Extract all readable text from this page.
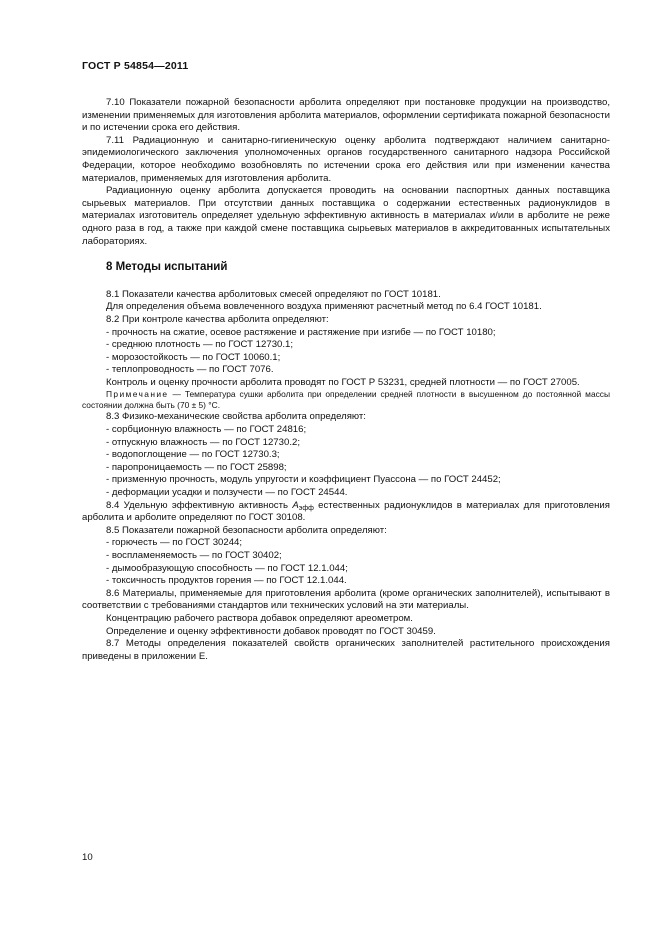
ГОСТ Р 54854—2011

7.10 Показатели пожарной безопасности арболита определяют при постановке продукции на производство, изменении применяемых для изготовления арболита материалов, оформлении сертификата пожарной безопасности и по истечении срока его действия.

7.11 Радиационную и санитарно-гигиеническую оценку арболита подтверждают наличием санитарно-эпидемиологического заключения уполномоченных органов государственного санитарного надзора Российской Федерации, которое необходимо возобновлять по истечении срока его действия или при изменении качества материалов, применяемых для изготовления арболита.

Радиационную оценку арболита допускается проводить на основании паспортных данных поставщика сырьевых материалов. При отсутствии данных поставщика о содержании естественных радионуклидов в материалах изготовитель определяет удельную эффективную активность в материалах и/или в арболите не реже одного раза в год, а также при каждой смене поставщика сырьевых материалов в аккредитованных испытательных лабораториях.

8 Методы испытаний

8.1 Показатели качества арболитовых смесей определяют по ГОСТ 10181.

Для определения объема вовлеченного воздуха применяют расчетный метод по 6.4 ГОСТ 10181.

8.2 При контроле качества арболита определяют:

- прочность на сжатие, осевое растяжение и растяжение при изгибе — по ГОСТ 10180;

- среднюю плотность — по ГОСТ 12730.1;

- морозостойкость — по ГОСТ 10060.1;

- теплопроводность — по ГОСТ 7076.

Контроль и оценку прочности арболита проводят по ГОСТ Р 53231, средней плотности — по ГОСТ 27005.

Примечание — Температура сушки арболита при определении средней плотности в высушенном до постоянной массы состоянии должна быть (70 ± 5) °С.

8.3 Физико-механические свойства арболита определяют:

- сорбционную влажность — по ГОСТ 24816;

- отпускную влажность — по ГОСТ 12730.2;

- водопоглощение — по ГОСТ 12730.3;

- паропроницаемость — по ГОСТ 25898;

- призменную прочность, модуль упругости и коэффициент Пуассона — по ГОСТ 24452;

- деформации усадки и ползучести — по ГОСТ 24544.

8.4 Удельную эффективную активность $A_{эфф}$ естественных радионуклидов в материалах для приготовления арболита и арболите определяют по ГОСТ 30108.

8.5 Показатели пожарной безопасности арболита определяют:

- горючесть — по ГОСТ 30244;

- воспламеняемость — по ГОСТ 30402;

- дымообразующую способность — по ГОСТ 12.1.044;

- токсичность продуктов горения — по ГОСТ 12.1.044.

8.6 Материалы, применяемые для приготовления арболита (кроме органических заполнителей), испытывают в соответствии с требованиями стандартов или технических условий на эти материалы.

Концентрацию рабочего раствора добавок определяют ареометром.

Определение и оценку эффективности добавок проводят по ГОСТ 30459.

8.7 Методы определения показателей свойств органических заполнителей растительного происхождения приведены в приложении Е.

10
